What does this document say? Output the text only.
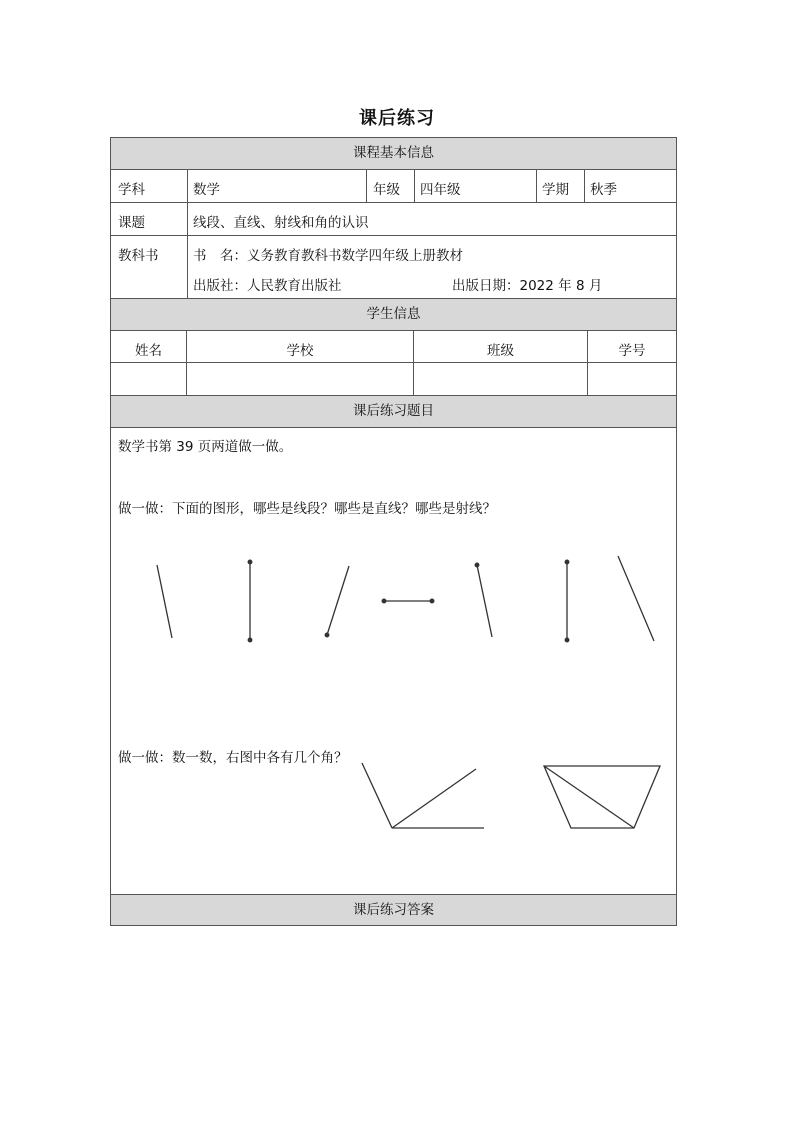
课后练习
课程基本信息
学科	数学	年级 四年级	学期 秋季
课题	线段、直线、射线和角的认识
教科书	书　名：义务教育教科书数学四年级上册教材
出版社：人民教育出版社	出版日期：2022 年 8 月
学生信息
姓名	学校	班级	学号
课后练习题目
数学书第 39 页两道做一做。
做一做：下面的图形，哪些是线段？哪些是直线？哪些是射线？
做一做：数一数，右图中各有几个角？
课后练习答案
